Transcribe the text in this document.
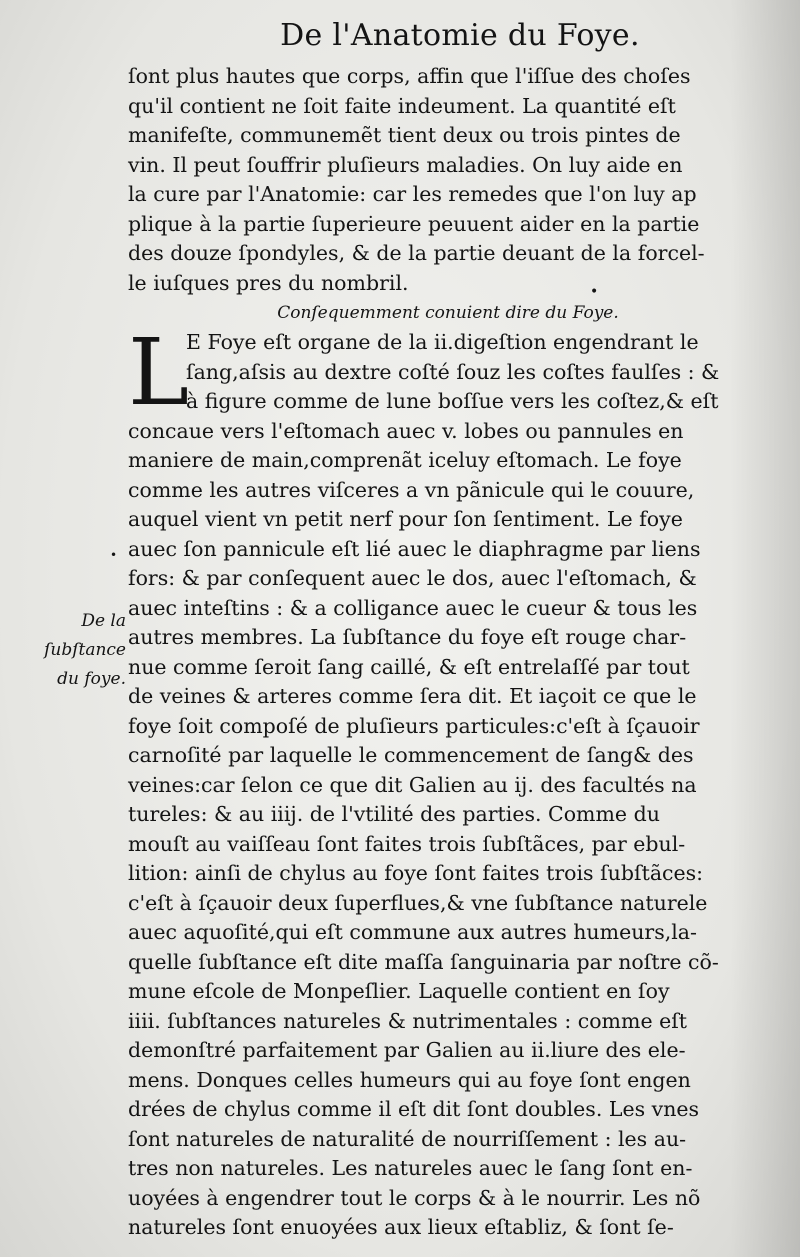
De l'Anatomie du Foye.
ſont plus hautes que corps, affin que l'iſſue des choſes
qu'il contient ne ſoit faite indeument. La quantité eſt
manifeſte, communemẽt tient deux ou trois pintes de
vin. Il peut ſouffrir pluſieurs maladies. On luy aide en
la cure par l'Anatomie: car les remedes que l'on luy ap
plique à la partie ſuperieure peuuent aider en la partie
des douze ſpondyles, & de la partie deuant de la forcel-
le iuſques pres du nombril.
Conſequemment conuient dire du Foye.
L
E Foye eſt organe de la ii.digeſtion engendrant le
ſang,aſsis au dextre coſté ſouz les coſtes faulſes : &
à figure comme de lune boſſue vers les coſtez,& eſt
concaue vers l'eſtomach auec v. lobes ou pannules en
maniere de main,comprenãt iceluy eſtomach. Le foye
comme les autres viſceres a vn pãnicule qui le couure,
auquel vient vn petit nerf pour ſon ſentiment. Le foye
auec ſon pannicule eſt lié auec le diaphragme par liens
fors: & par conſequent auec le dos, auec l'eſtomach, &
auec inteſtins : & a colligance auec le cueur & tous les
autres membres. La ſubſtance du foye eſt rouge char-
nue comme ſeroit ſang caillé, & eſt entrelaſſé par tout
de veines & arteres comme ſera dit. Et iaçoit ce que le
foye ſoit compoſé de pluſieurs particules:c'eſt à ſçauoir
carnoſité par laquelle le commencement de ſang& des
veines:car ſelon ce que dit Galien au ij. des facultés na
tureles: & au iiij. de l'vtilité des parties. Comme du
mouſt au vaiſſeau ſont faites trois ſubſtãces, par ebul-
lition: ainſi de chylus au foye ſont faites trois ſubſtãces:
c'eſt à ſçauoir deux ſuperflues,& vne ſubſtance naturele
auec aquoſité,qui eſt commune aux autres humeurs,la-
quelle ſubſtance eſt dite maſſa ſanguinaria par noſtre cõ-
mune eſcole de Monpeſlier. Laquelle contient en ſoy
iiii. ſubſtances natureles & nutrimentales : comme eſt
demonſtré parfaitement par Galien au ii.liure des ele-
mens. Donques celles humeurs qui au foye ſont engen
drées de chylus comme il eſt dit ſont doubles. Les vnes
ſont natureles de naturalité de nourriſſement : les au-
tres non natureles. Les natureles auec le ſang ſont en-
uoyées à engendrer tout le corps & à le nourrir. Les nõ
natureles ſont enuoyées aux lieux eſtabliz, & ſont ſe-
De la
ſubſtance
du foye.
•
•
